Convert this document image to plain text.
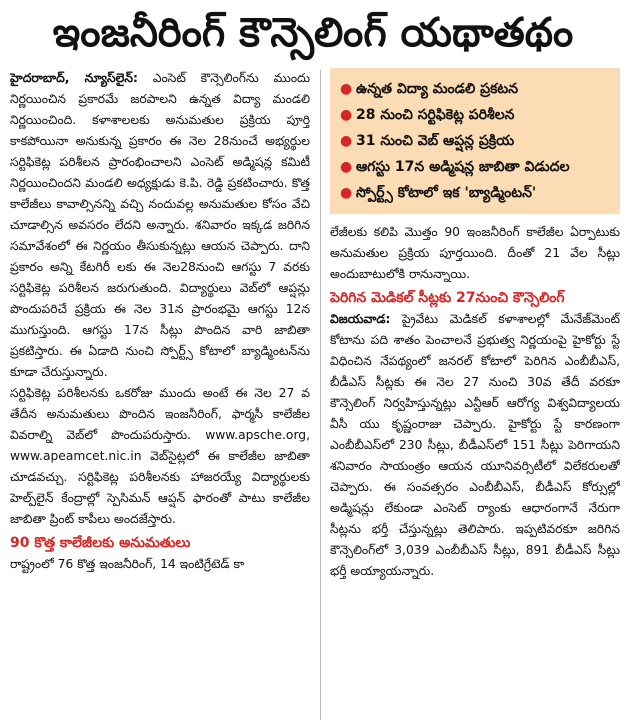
ఇంజనీరింగ్ కౌన్సెలింగ్ యథాతథం

హైదరాబాద్, న్యూస్‌లైన్: ఎంసెట్ కౌన్సెలింగ్‌ను ముందు నిర్ణయించిన ప్రకారమే జరపాలని ఉన్నత విద్యా మండలి నిర్ణయించింది. కళాశాలలకు అనుమతుల ప్రక్రియ పూర్తి కాకపోయినా అనుకున్న ప్రకారం ఈ నెల 28నుంచే అభ్యర్థుల సర్టిఫికెట్ల పరిశీలన ప్రారంభించాలని ఎంసెట్ అడ్మిషన్ల కమిటీ నిర్ణయించిందని మండలి అధ్యక్షుడు కె.పి. రెడ్డి ప్రకటించారు. కొత్త కాలేజీలు కావాల్సినన్ని వచ్చి నందువల్ల అనుమతుల కోసం వేచి చూడాల్సిన అవసరం లేదని అన్నారు. శనివారం ఇక్కడ జరిగిన సమావేశంలో ఈ నిర్ణయం తీసుకున్నట్లు ఆయన చెప్పారు. దాని ప్రకారం అన్ని కేటగిరీ లకు ఈ నెల28నుంచి ఆగస్టు 7 వరకు సర్టిఫికెట్ల పరిశీలన జరుగుతుంది. విద్యార్థులు వెబ్‌లో ఆప్షన్లు పొందుపరిచే ప్రక్రియ ఈ నెల 31న ప్రారంభమై ఆగస్టు 12న ముగుస్తుంది. ఆగస్టు 17న సీట్లు పొందిన వారి జాబితా ప్రకటిస్తారు. ఈ ఏడాది నుంచి స్పోర్ట్స్ కోటాలో బ్యాడ్మింటన్‌ను కూడా చేరుస్తున్నారు.

సర్టిఫికెట్ల పరిశీలనకు ఒకరోజు ముందు అంటే ఈ నెల 27 వ తేదీన అనుమతులు పొందిన ఇంజనీరింగ్, ఫార్మసీ కాలేజీల వివరాల్ని వెబ్‌లో పొందుపరుస్తారు. www.apsche.org, www.apeamcet.nic.in వెబ్‌సైట్లలో ఈ కాలేజీల జాబితా చూడవచ్చు. సర్టిఫికెట్ల పరిశీలనకు హాజరయ్యే విద్యార్థులకు హెల్ప్‌లైన్ కేంద్రాల్లో స్పెసిమన్ ఆప్షన్ ఫారంతో పాటు కాలేజీల జాబితా ప్రింట్ కాపీలు అందజేస్తారు.

90 కొత్త కాలేజీలకు అనుమతులు

రాష్ట్రంలో 76 కొత్త ఇంజనీరింగ్, 14 ఇంటిగ్రేటెడ్ కా

● ఉన్నత విద్యా మండలి ప్రకటన
● 28 నుంచి సర్టిఫికెట్ల పరిశీలన
● 31 నుంచి వెబ్ ఆప్షన్ల ప్రక్రియ
● ఆగస్టు 17న అడ్మిషన్ల జాబితా విడుదల
● స్పోర్ట్స్ కోటాలో ఇక 'బ్యాడ్మింటన్'

లేజీలకు కలిపి మొత్తం 90 ఇంజనీరింగ్ కాలేజీల ఏర్పాటుకు అనుమతుల ప్రక్రియ పూర్తయింది. దీంతో 21 వేల సీట్లు అందుబాటులోకి రానున్నాయి.

పెరిగిన మెడికల్ సీట్లకు 27నుంచి కౌన్సెలింగ్

విజయవాడ: ప్రైవేటు మెడికల్ కళాశాలల్లో మేనేజ్‌మెంట్ కోటాను పది శాతం పెంచాలనే ప్రభుత్వ నిర్ణయంపై హైకోర్టు స్టే విధించిన నేపథ్యంలో జనరల్ కోటాలో పెరిగిన ఎంబీబీఎస్, బీడీఎస్ సీట్లకు ఈ నెల 27 నుంచి 30వ తేదీ వరకూ కౌన్సెలింగ్ నిర్వహిస్తున్నట్లు ఎన్టీఆర్ ఆరోగ్య విశ్వవిద్యాలయ వీసీ యు కృష్ణంరాజు చెప్పారు. హైకోర్టు స్టే కారణంగా ఎంబీబీఎస్‌లో 230 సీట్లు, బీడీఎస్‌లో 151 సీట్లు పెరిగాయని శనివారం సాయంత్రం ఆయన యూనివర్సిటీలో విలేకరులతో చెప్పారు. ఈ సంవత్సరం ఎంబీబీఎస్, బీడీఎస్ కోర్సుల్లో అడ్మిషన్లు లేకుండా ఎంసెట్ ర్యాంకు ఆధారంగానే నేరుగా సీట్లను భర్తీ చేస్తున్నట్లు తెలిపారు. ఇప్పటివరకూ జరిగిన కౌన్సెలింగ్‌లో 3,039 ఎంబీబీఎస్ సీట్లు, 891 బీడీఎస్ సీట్లు భర్తీ అయ్యాయన్నారు.
